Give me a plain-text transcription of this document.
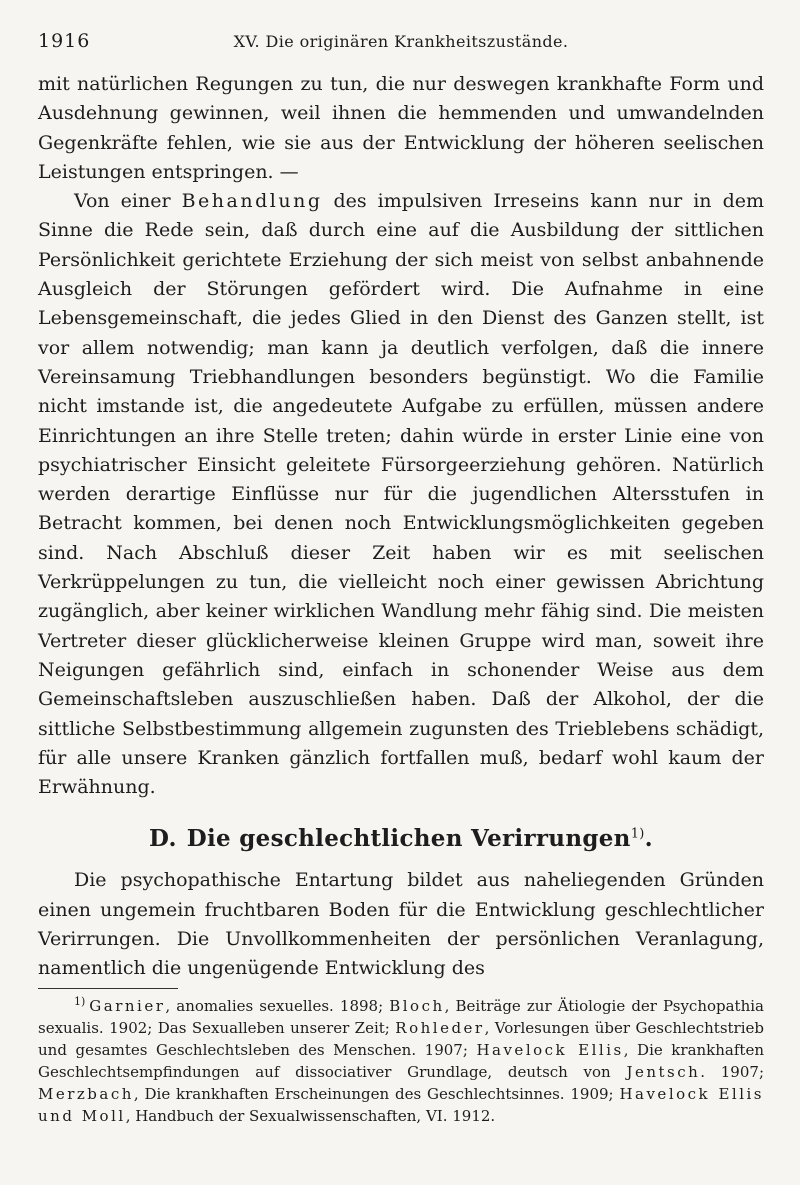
1916	XV. Die originären Krankheitszustände.

mit natürlichen Regungen zu tun, die nur deswegen krankhafte Form und Ausdehnung gewinnen, weil ihnen die hemmenden und umwandelnden Gegenkräfte fehlen, wie sie aus der Entwicklung der höheren seelischen Leistungen entspringen. —

Von einer Behandlung des impulsiven Irreseins kann nur in dem Sinne die Rede sein, daß durch eine auf die Ausbildung der sittlichen Persönlichkeit gerichtete Erziehung der sich meist von selbst anbahnende Ausgleich der Störungen gefördert wird. Die Aufnahme in eine Lebensgemeinschaft, die jedes Glied in den Dienst des Ganzen stellt, ist vor allem notwendig; man kann ja deutlich verfolgen, daß die innere Vereinsamung Triebhandlungen besonders begünstigt. Wo die Familie nicht imstande ist, die angedeutete Aufgabe zu erfüllen, müssen andere Einrichtungen an ihre Stelle treten; dahin würde in erster Linie eine von psychiatrischer Einsicht geleitete Fürsorgeerziehung gehören. Natürlich werden derartige Einflüsse nur für die jugendlichen Altersstufen in Betracht kommen, bei denen noch Entwicklungsmöglichkeiten gegeben sind. Nach Abschluß dieser Zeit haben wir es mit seelischen Verkrüppelungen zu tun, die vielleicht noch einer gewissen Abrichtung zugänglich, aber keiner wirklichen Wandlung mehr fähig sind. Die meisten Vertreter dieser glücklicherweise kleinen Gruppe wird man, soweit ihre Neigungen gefährlich sind, einfach in schonender Weise aus dem Gemeinschaftsleben auszuschließen haben. Daß der Alkohol, der die sittliche Selbstbestimmung allgemein zugunsten des Trieblebens schädigt, für alle unsere Kranken gänzlich fortfallen muß, bedarf wohl kaum der Erwähnung.

D. Die geschlechtlichen Verirrungen$^{1)}$.

Die psychopathische Entartung bildet aus naheliegenden Gründen einen ungemein fruchtbaren Boden für die Entwicklung geschlechtlicher Verirrungen. Die Unvollkommenheiten der persönlichen Veranlagung, namentlich die ungenügende Entwicklung des

$^{1)}$ Garnier, anomalies sexuelles. 1898; Bloch, Beiträge zur Ätiologie der Psychopathia sexualis. 1902; Das Sexualleben unserer Zeit; Rohleder, Vorlesungen über Geschlechtstrieb und gesamtes Geschlechtsleben des Menschen. 1907; Havelock Ellis, Die krankhaften Geschlechtsempfindungen auf dissociativer Grundlage, deutsch von Jentsch. 1907; Merzbach, Die krankhaften Erscheinungen des Geschlechtsinnes. 1909; Havelock Ellis und Moll, Handbuch der Sexualwissenschaften, VI. 1912.
